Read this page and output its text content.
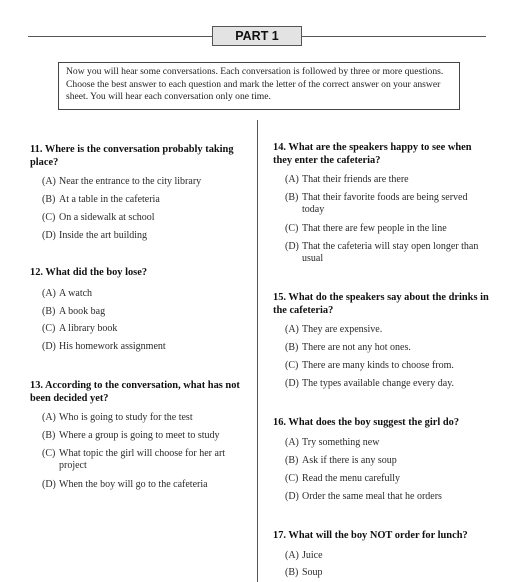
PART 1
Now you will hear some conversations. Each conversation is followed by three or more questions. Choose the best answer to each question and mark the letter of the correct answer on your answer sheet. You will hear each conversation only one time.
11. Where is the conversation probably taking place?
(A) Near the entrance to the city library
(B) At a table in the cafeteria
(C) On a sidewalk at school
(D) Inside the art building
12. What did the boy lose?
(A) A watch
(B) A book bag
(C) A library book
(D) His homework assignment
13. According to the conversation, what has not been decided yet?
(A) Who is going to study for the test
(B) Where a group is going to meet to study
(C) What topic the girl will choose for her art project
(D) When the boy will go to the cafeteria
14. What are the speakers happy to see when they enter the cafeteria?
(A) That their friends are there
(B) That their favorite foods are being served today
(C) That there are few people in the line
(D) That the cafeteria will stay open longer than usual
15. What do the speakers say about the drinks in the cafeteria?
(A) They are expensive.
(B) There are not any hot ones.
(C) There are many kinds to choose from.
(D) The types available change every day.
16. What does the boy suggest the girl do?
(A) Try something new
(B) Ask if there is any soup
(C) Read the menu carefully
(D) Order the same meal that he orders
17. What will the boy NOT order for lunch?
(A) Juice
(B) Soup
